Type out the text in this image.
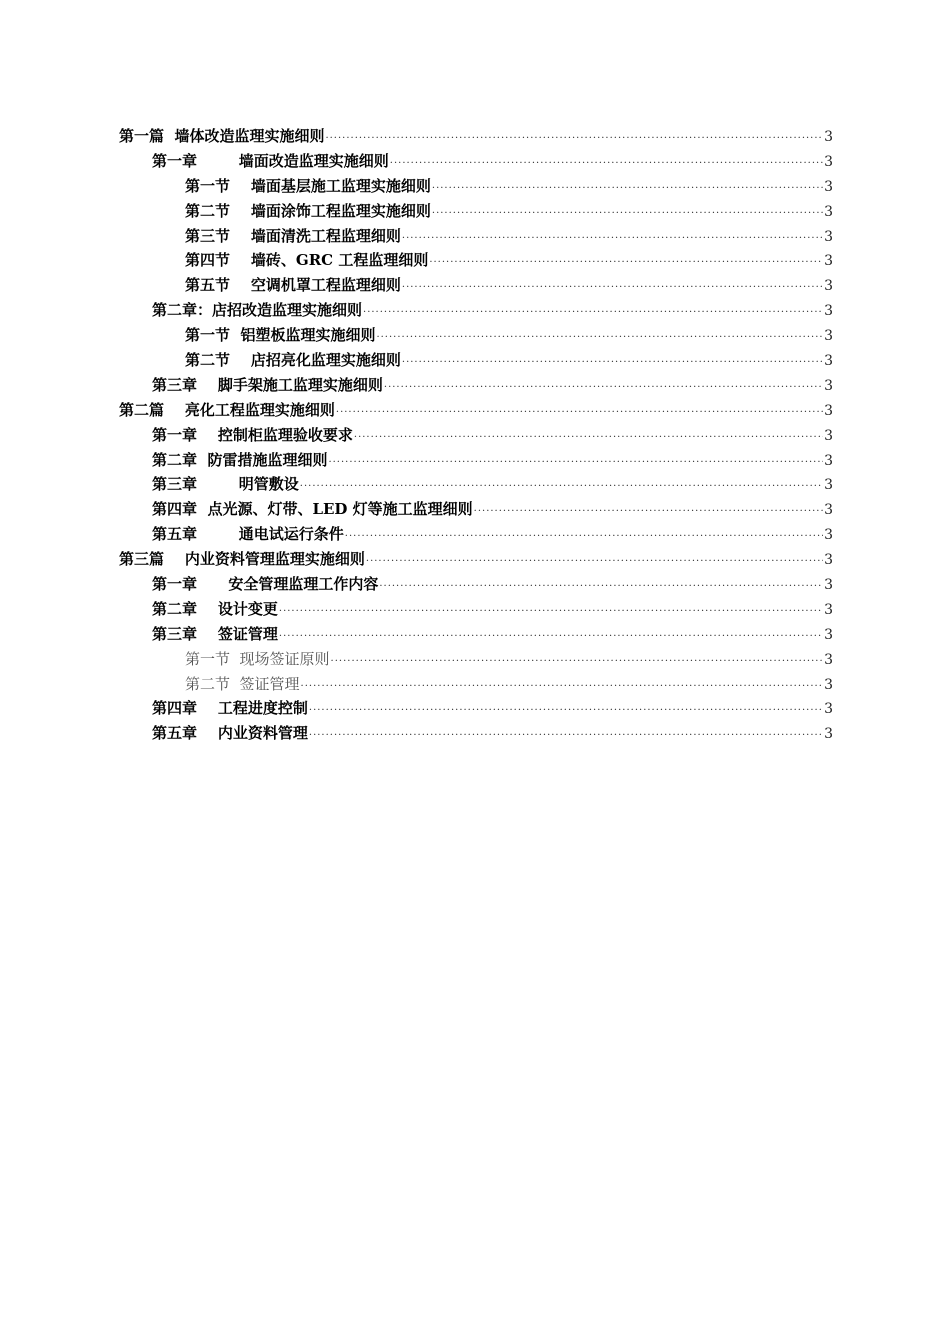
第一篇  墙体改造监理实施细则 ·····	3
第一章        墙面改造监理实施细则 ·····	3
第一节    墙面基层施工监理实施细则 ·····	3
第二节    墙面涂饰工程监理实施细则 ·····	3
第三节    墙面清洗工程监理细则 ·····	3
第四节    墙砖、GRC 工程监理细则 ·····	3
第五节    空调机罩工程监理细则 ·····	3
第二章：店招改造监理实施细则 ·····	3
第一节  铝塑板监理实施细则 ·····	3
第二节    店招亮化监理实施细则 ·····	3
第三章    脚手架施工监理实施细则 ·····	3
第二篇    亮化工程监理实施细则 ·····	3
第一章    控制柜监理验收要求 ·····	3
第二章  防雷措施监理细则 ·····	3
第三章        明管敷设 ·····	3
第四章  点光源、灯带、LED 灯等施工监理细则 ·····	3
第五章        通电试运行条件 ·····	3
第三篇    内业资料管理监理实施细则 ·····	3
第一章      安全管理监理工作内容 ·····	3
第二章    设计变更 ·····	3
第三章    签证管理 ·····	3
第一节  现场签证原则 ·····	3
第二节  签证管理 ·····	3
第四章    工程进度控制 ·····	3
第五章    内业资料管理 ·····	3
